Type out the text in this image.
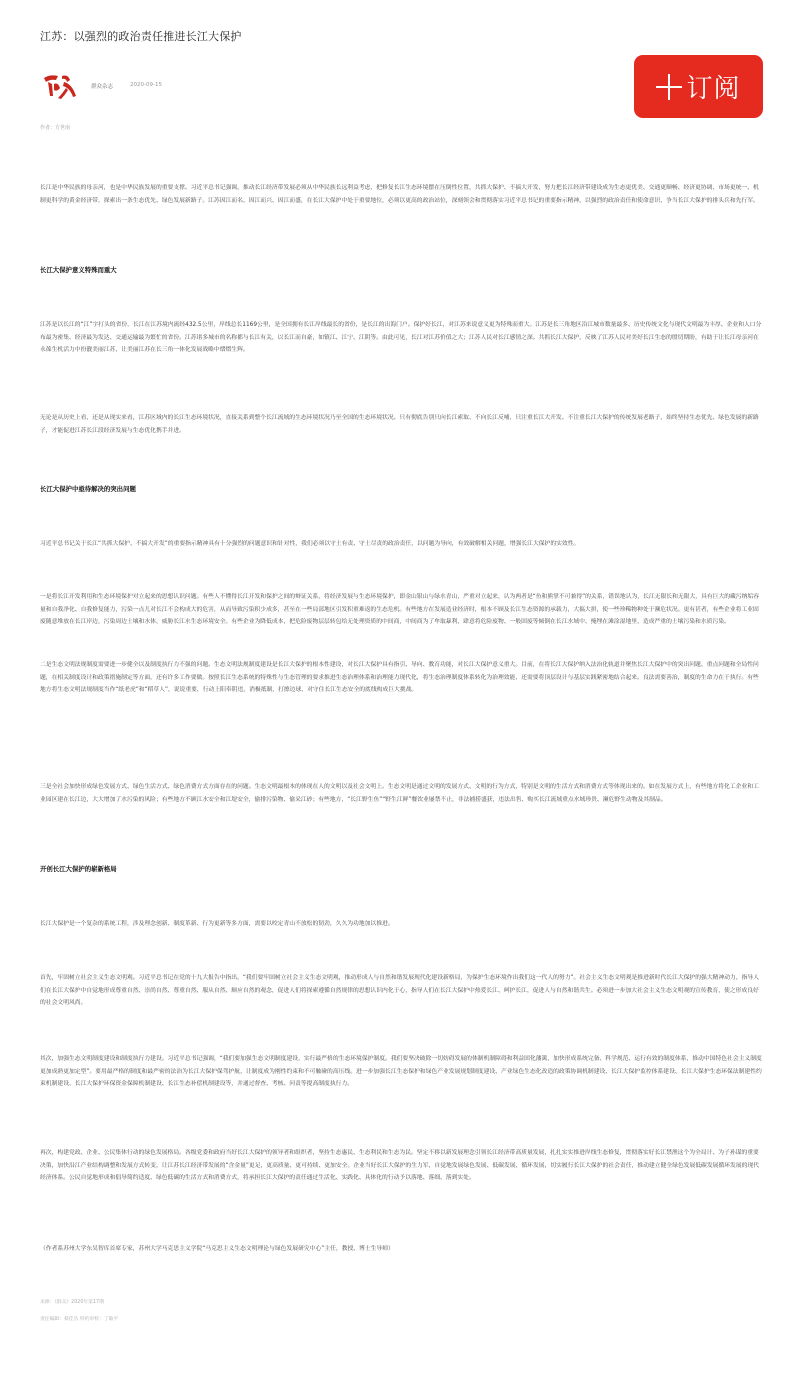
江苏：以强烈的政治责任推进长江大保护
群众杂志	2020-09-15
作者：方世南
订阅
长江是中华民族的母亲河，也是中华民族发展的重要支撑。习近平总书记强调，推动长江经济带发展必须从中华民族长远利益考虑，把修复长江生态环境摆在压倒性位置，共抓大保护、不搞大开发，努力把长江经济带建设成为生态更优美、交通更顺畅、经济更协调、市场更统一、机制更科学的黄金经济带，探索出一条生态优先、绿色发展新路子。江苏因江而名、因江而兴、因江而盛，在长江大保护中处于重要地位，必须以更高的政治站位，深刻领会和贯彻落实习近平总书记的重要指示精神，以强烈的政治责任和使命意识，争当长江大保护的排头兵和先行军。
长江大保护意义特殊而重大
江苏是以长江的“江”字打头的省份，长江在江苏境内流经432.5公里，岸线总长1169公里，是全国拥有长江岸线最长的省份，是长江的出海门户。保护好长江，对江苏来说意义更为特殊而重大。江苏是长三角地区沿江城市数量最多、历史传统文化与现代文明最为丰厚、企业和人口分布最为密集、经济最为发达、交通运输最为繁忙的省份。江苏诸多城市的名称都与长江有关，以长江而自豪，如镇江、江宁、江阴等。由此可见，长江对江苏价值之大；江苏人民对长江感情之深。共抓长江大保护，反映了江苏人民对美好长江生态的殷切期盼，有助于让长江母亲河在永葆生机活力中扮靓美丽江苏，让美丽江苏在长三角一体化发展战略中熠熠生辉。
无论是从历史上看，还是从现实来看，江苏区域内的长江生态环境状况，直接关系到整个长江流域的生态环境状况乃至全国的生态环境状况。只有彻底告别只向长江索取、不向长江反哺，只注重长江大开发、不注重长江大保护的传统发展老路子，始终坚持生态优先、绿色发展的新路子，才能促进江苏长江段经济发展与生态优化携手并进。
长江大保护中亟待解决的突出问题
习近平总书记关于长江“共抓大保护、不搞大开发”的重要指示精神具有十分强烈的问题意识和针对性，我们必须以守土有责、守土尽责的政治责任，以问题为导向，有效破解相关问题，增强长江大保护的实效性。
一是将长江开发利用和生态环境保护对立起来的思想认识问题。有些人不懂得长江开发和保护之间的辩证关系，将经济发展与生态环境保护，即金山银山与绿水青山，严重对立起来，认为两者是“鱼和熊掌不可兼得”的关系，错误地认为，长江无限长和无限大，具有巨大的藏污纳垢容量和自我净化、自我修复能力，污染一点儿对长江不会构成大的危害，从而导致污染积少成多，甚至在一些局部地区引发积重难返的生态危机。有些地方在发展造业经济时，根本不顾及长江生态资源的承载力，大搞大拼，使一些珍稀物种处于濒危状况。更有甚者，有些企业将工业固废随意堆放在长江岸边，污染周边土壤和水体，威胁长江水生态环境安全。有些企业为降低成本，把危险废物层层转包给无处理资质的中间商，中间商为了牟取暴利，肆意将危险废物、一般固废等倾倒在长江水域中、掩埋在滩涂湿地里，造成严重的土壤污染和水质污染。
二是生态文明法规制度需要进一步健全以及制度执行力不强的问题。生态文明法规制度建设是长江大保护的根本性建设，对长江大保护具有指引、导向、教育功能，对长江大保护意义重大。目前，在将长江大保护纳入法治化轨道并聚焦长江大保护中的突出问题、重点问题和全局性问题，在相关制度设计和政策措施制定等方面，还有许多工作要做。按照长江生态系统的特殊性与生态管理的要求推进生态治理体系和治理能力现代化，将生态治理制度体系转化为治理效能，还需要将顶层设计与基层实践紧密地结合起来。良法需要善治，制度的生命力在于执行。有些地方将生态文明法规制度当作“纸老虎”和“稻草人”，说说重要，行动上阳奉阴违，消极抵制，打擦边球，对守住长江生态安全的底线构成巨大挑战。
三是全社会加快形成绿色发展方式、绿色生活方式、绿色消费方式方面存在的问题。生态文明最根本的体现在人的文明以及社会文明上。生态文明是通过文明的发展方式、文明的行为方式，特别是文明的生活方式和消费方式等体现出来的。如在发展方式上，有些地方将化工企业和工业园区建在长江边，大大增加了水污染的风险；有些地方不顾江水安全和江堤安全，偷排污染物、偷采江砂；有些地方，“长江野生鱼”“野生江鲜”餐饮业屡禁不止，非法捕捞盛获，违法出售、购买长江流域重点水域珍贵、濒危野生动物及其制品。
开创长江大保护的崭新格局
长江大保护是一个复杂的系统工程，涉及理念创新、制度革新、行为更新等多方面，需要以咬定青山不放松的韧劲，久久为功地加以推进。
首先，牢固树立社会主义生态文明观。习近平总书记在党的十九大报告中指出，“我们要牢固树立社会主义生态文明观，推动形成人与自然和谐发展现代化建设新格局，为保护生态环境作出我们这一代人的努力”。社会主义生态文明观是推进新时代长江大保护的强大精神动力，指导人们在长江大保护中自觉地形成尊重自然、崇尚自然、尊重自然、服从自然、顺应自然的观念，促进人们将探索遵循自然规律的思想认识内化于心，指导人们在长江大保护中热爱长江、呵护长江，促进人与自然和谐共生。必须进一步加大社会主义生态文明观的宣传教育，使之形成良好的社会文明风尚。
其次，加强生态文明制度建设和制度执行力建设。习近平总书记强调，“我们要加强生态文明制度建设，实行最严格的生态环境保护制度。我们要坚决破除一切妨碍发展的体制机制障碍和利益固化藩篱，加快形成系统完备、科学规范、运行有效的制度体系，推动中国特色社会主义制度更加成熟更加定型”。要用最严格的制度和最严密的法治为长江大保护保驾护航，让制度成为刚性约束和不可触碰的高压线。进一步加强长江生态保护和绿色产业发展规划制度建设、产业绿色生态化改造的政策协调机制建设、长江大保护监控体系建设、长江大保护生态环保法制建性约束机制建设、长江大保护环保资金保障机制建设、长江生态补偿机制建设等，并通过督查、考核、问责等提高制度执行力。
再次，构建党政、企业、公民集体行动的绿色发展格局。各级党委和政府当好长江大保护的领导者和组织者，坚持生态惠民、生态利民和生态为民。坚定不移以新发展理念引领长江经济带高质量发展，扎扎实实推进岸线生态修复，贯彻落实好长江禁渔这个为全局计、为子孙谋的重要决策，加快沿江产业结构调整和发展方式转变，让江苏长江经济带发展的“含金量”更足，更高质量、更可持续、更加安全。企业当好长江大保护的生力军，自觉地发展绿色发展、低碳发展、循环发展，切实履行长江大保护的社会责任，推动建立健全绿色发展低碳发展循环发展的现代经济体系。公民自觉地形成和倡导简约适度、绿色低碳的生活方式和消费方式，将承担长江大保护的责任通过生活化、实践化、具体化的行动予以落地、落细、落到实处。
（作者系苏州大学东吴智库首席专家，苏州大学马克思主义学院“马克思主义生态文明理论与绿色发展研究中心”主任，教授、博士生导师）
来源：《群众》2020年第17期
责任编辑：蔡佳丛 特约审校：丁敏平
